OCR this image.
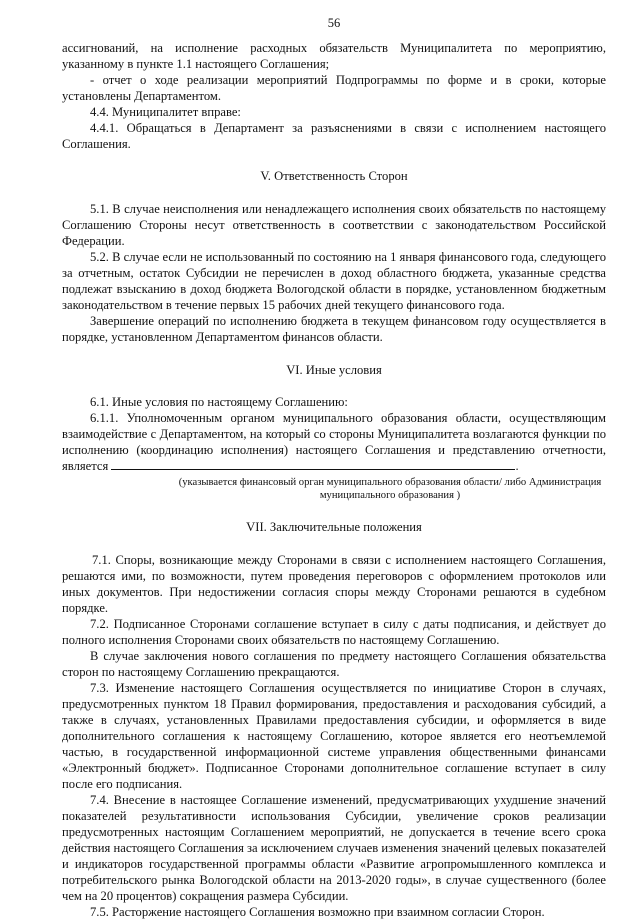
56

ассигнований, на исполнение расходных обязательств Муниципалитета по мероприятию, указанному в пункте 1.1 настоящего Соглашения;

- отчет о ходе реализации мероприятий Подпрограммы по форме и в сроки, которые установлены Департаментом.

4.4. Муниципалитет вправе:

4.4.1. Обращаться в Департамент за разъяснениями в связи с исполнением настоящего Соглашения.

V. Ответственность Сторон

5.1. В случае неисполнения или ненадлежащего исполнения своих обязательств по настоящему Соглашению Стороны несут ответственность в соответствии с законодательством Российской Федерации.

5.2. В случае если не использованный по состоянию на 1 января финансового года, следующего за отчетным, остаток Субсидии не перечислен в доход областного бюджета, указанные средства подлежат взысканию в доход бюджета Вологодской области в порядке, установленном бюджетным законодательством в течение первых 15 рабочих дней текущего финансового года.

Завершение операций по исполнению бюджета в текущем финансовом году осуществляется в порядке, установленном Департаментом финансов области.

VI. Иные условия

6.1. Иные условия по настоящему Соглашению:

6.1.1. Уполномоченным органом муниципального образования области, осуществляющим взаимодействие с Департаментом, на который со стороны Муниципалитета возлагаются функции по исполнению (координацию исполнения) настоящего Соглашения и представлению отчетности, является	.

(указывается финансовый орган муниципального образования области/ либо Администрация муниципального образования )
VII. Заключительные положения

7.1. Споры, возникающие между Сторонами в связи с исполнением настоящего Соглашения, решаются ими, по возможности, путем проведения переговоров с оформлением протоколов или иных документов. При недостижении согласия споры между Сторонами решаются в судебном порядке.

7.2. Подписанное Сторонами соглашение вступает в силу с даты подписания, и действует до полного исполнения Сторонами своих обязательств по настоящему Соглашению.

В случае заключения нового соглашения по предмету настоящего Соглашения обязательства сторон по настоящему Соглашению прекращаются.

7.3. Изменение настоящего Соглашения осуществляется по инициативе Сторон в случаях, предусмотренных пунктом 18 Правил формирования, предоставления и расходования субсидий, а также в случаях, установленных Правилами предоставления субсидии, и оформляется в виде дополнительного соглашения к настоящему Соглашению, которое является его неотъемлемой частью, в государственной информационной системе управления общественными финансами «Электронный бюджет». Подписанное Сторонами дополнительное соглашение вступает в силу после его подписания.

7.4. Внесение в настоящее Соглашение изменений, предусматривающих ухудшение значений показателей результативности использования Субсидии, увеличение сроков реализации предусмотренных настоящим Соглашением мероприятий, не допускается в течение всего срока действия настоящего Соглашения за исключением случаев изменения значений целевых показателей и индикаторов государственной программы области «Развитие агропромышленного комплекса и потребительского рынка Вологодской области на 2013-2020 годы», в случае существенного (более чем на 20 процентов) сокращения размера Субсидии.

7.5. Расторжение настоящего Соглашения возможно при взаимном согласии Сторон.
